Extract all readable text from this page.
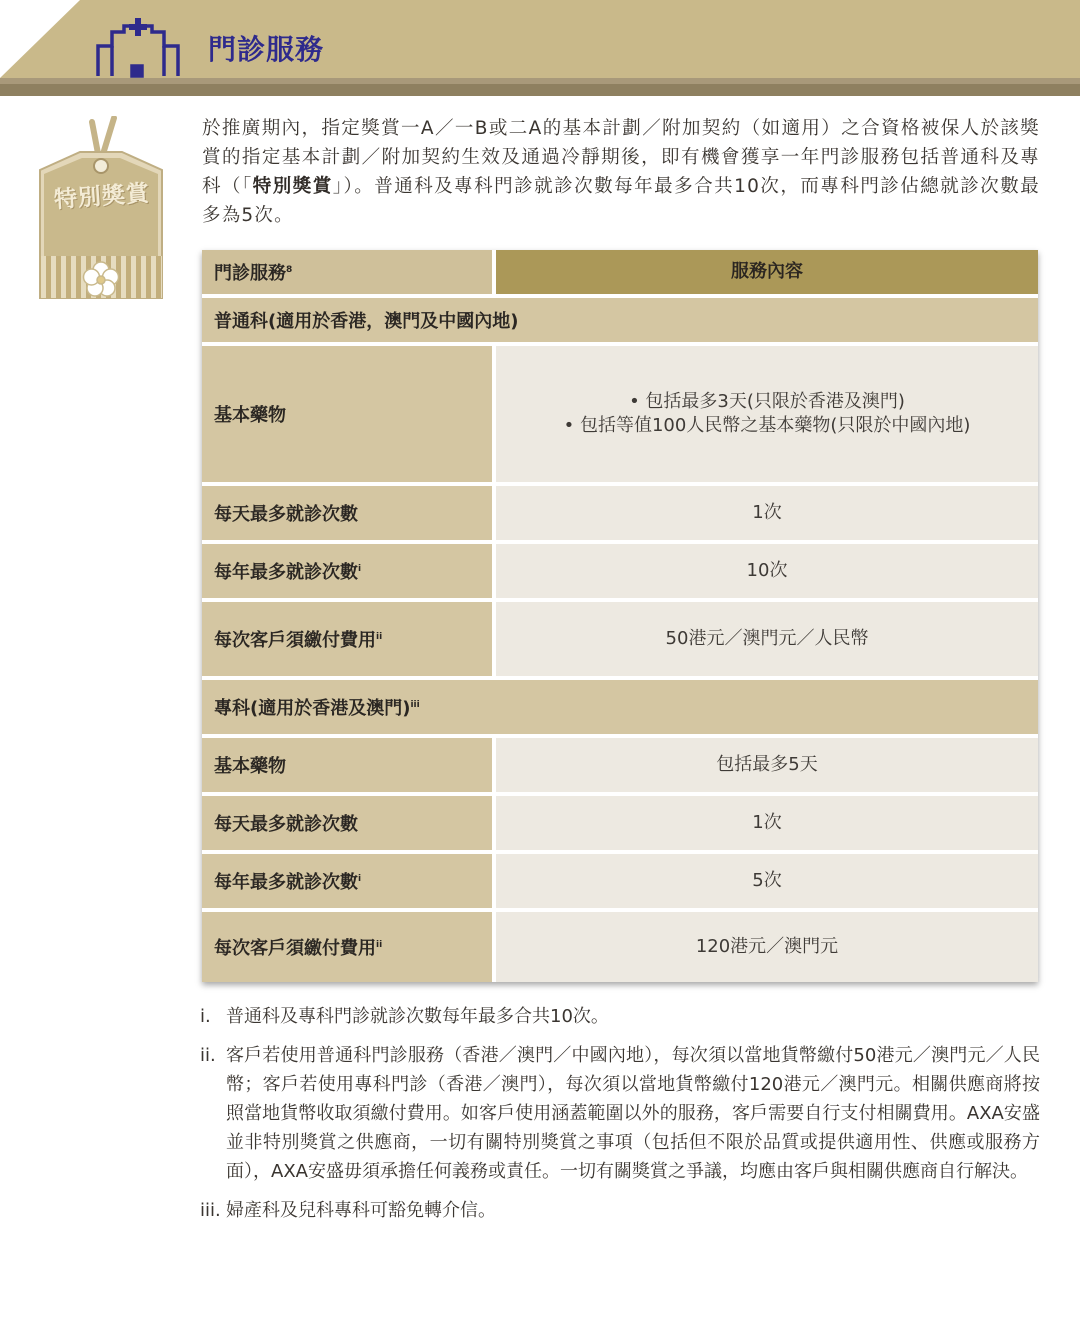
門診服務
特別獎賞

於推廣期內，指定獎賞一A／一B或二A的基本計劃／附加契約（如適用）之合資格被保人於該獎賞的指定基本計劃／附加契約生效及通過冷靜期後，即有機會獲享一年門診服務包括普通科及專科（「特別獎賞」）。普通科及專科門診就診次數每年最多合共10次，而專科門診佔總就診次數最多為5次。

門診服務$^8$	服務內容
普通科(適用於香港，澳門及中國內地)
基本藥物
• 包括最多3天(只限於香港及澳門)
• 包括等值100人民幣之基本藥物(只限於中國內地)
每天最多就診次數	1次
每年最多就診次數$^i$	10次
每次客戶須繳付費用$^{ii}$	50港元／澳門元／人民幣
專科(適用於香港及澳門)$^{iii}$
基本藥物	包括最多5天
每天最多就診次數	1次
每年最多就診次數$^i$	5次
每次客戶須繳付費用$^{ii}$	120港元／澳門元
i. 普通科及專科門診就診次數每年最多合共10次。
ii. 客戶若使用普通科門診服務（香港／澳門／中國內地），每次須以當地貨幣繳付50港元／澳門元／人民幣；客戶若使用專科門診（香港／澳門），每次須以當地貨幣繳付120港元／澳門元。相關供應商將按照當地貨幣收取須繳付費用。如客戶使用涵蓋範圍以外的服務，客戶需要自行支付相關費用。AXA安盛並非特別獎賞之供應商，一切有關特別獎賞之事項（包括但不限於品質或提供適用性、供應或服務方面），AXA安盛毋須承擔任何義務或責任。一切有關獎賞之爭議，均應由客戶與相關供應商自行解決。
iii. 婦產科及兒科專科可豁免轉介信。
